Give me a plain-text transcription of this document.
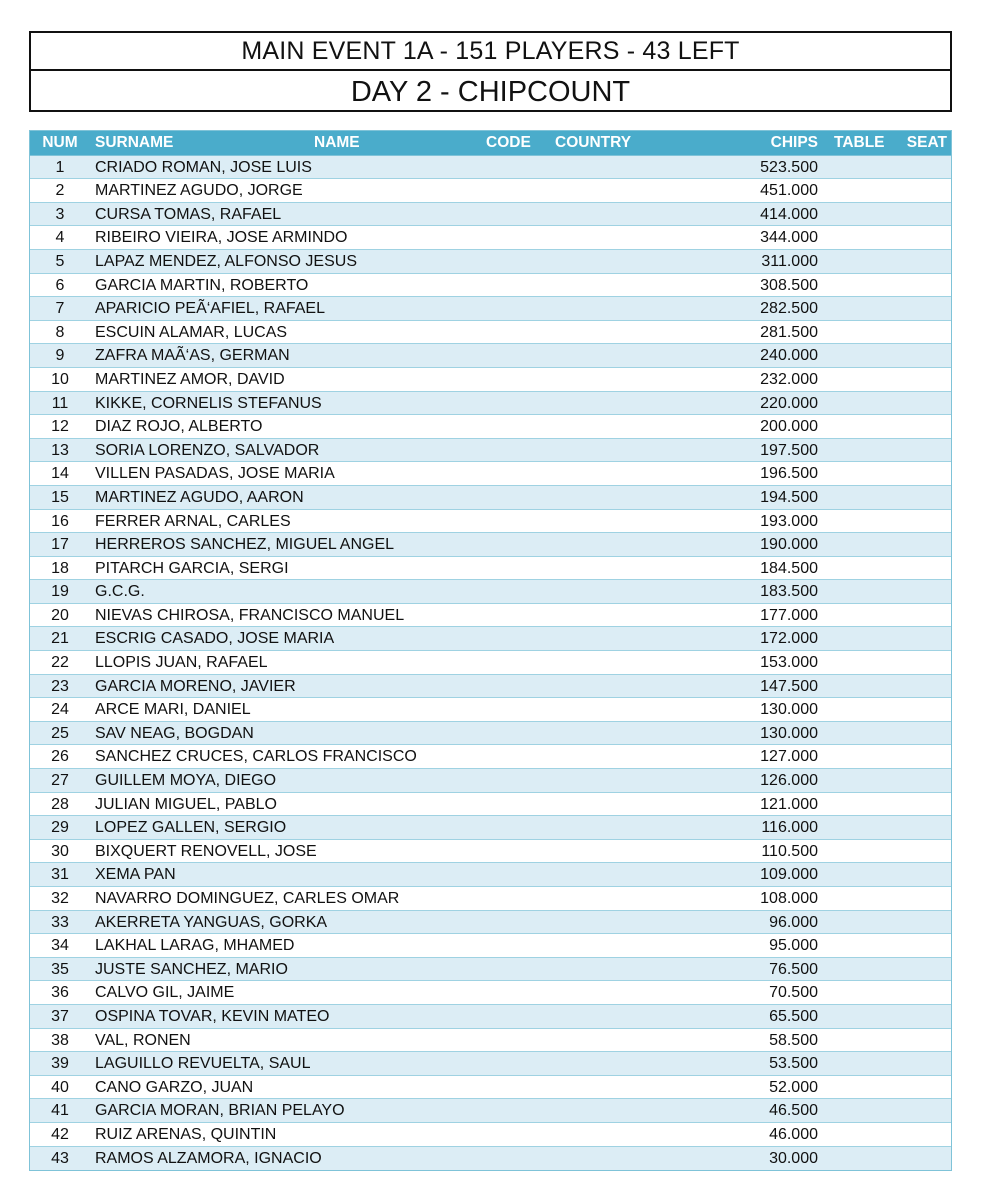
MAIN EVENT 1A - 151 PLAYERS - 43 LEFT
DAY 2 - CHIPCOUNT
NUM	SURNAME	NAME	CODE COUNTRY	CHIPS TABLE SEAT
1	CRIADO ROMAN, JOSE LUIS	523.500
2	MARTINEZ AGUDO, JORGE	451.000
3	CURSA TOMAS, RAFAEL	414.000
4	RIBEIRO VIEIRA, JOSE ARMINDO	344.000
5	LAPAZ MENDEZ, ALFONSO JESUS	311.000
6	GARCIA MARTIN, ROBERTO	308.500
7	APARICIO PEÃ‘AFIEL, RAFAEL	282.500
8	ESCUIN ALAMAR, LUCAS	281.500
9	ZAFRA MAÃ‘AS, GERMAN	240.000
10	MARTINEZ AMOR, DAVID	232.000
11	KIKKE, CORNELIS STEFANUS	220.000
12	DIAZ ROJO, ALBERTO	200.000
13	SORIA LORENZO, SALVADOR	197.500
14	VILLEN PASADAS, JOSE MARIA	196.500
15	MARTINEZ AGUDO, AARON	194.500
16	FERRER ARNAL, CARLES	193.000
17	HERREROS SANCHEZ, MIGUEL ANGEL	190.000
18	PITARCH GARCIA, SERGI	184.500
19	G.C.G.	183.500
20	NIEVAS CHIROSA, FRANCISCO MANUEL	177.000
21	ESCRIG CASADO, JOSE MARIA	172.000
22	LLOPIS JUAN, RAFAEL	153.000
23	GARCIA MORENO, JAVIER	147.500
24	ARCE MARI, DANIEL	130.000
25	SAV NEAG, BOGDAN	130.000
26	SANCHEZ CRUCES, CARLOS FRANCISCO	127.000
27	GUILLEM MOYA, DIEGO	126.000
28	JULIAN MIGUEL, PABLO	121.000
29	LOPEZ GALLEN, SERGIO	116.000
30	BIXQUERT RENOVELL, JOSE	110.500
31	XEMA PAN	109.000
32	NAVARRO DOMINGUEZ, CARLES OMAR	108.000
33	AKERRETA YANGUAS, GORKA	96.000
34	LAKHAL LARAG, MHAMED	95.000
35	JUSTE SANCHEZ, MARIO	76.500
36	CALVO GIL, JAIME	70.500
37	OSPINA TOVAR, KEVIN MATEO	65.500
38	VAL, RONEN	58.500
39	LAGUILLO REVUELTA, SAUL	53.500
40	CANO GARZO, JUAN	52.000
41	GARCIA MORAN, BRIAN PELAYO	46.500
42	RUIZ ARENAS, QUINTIN	46.000
43	RAMOS ALZAMORA, IGNACIO	30.000
